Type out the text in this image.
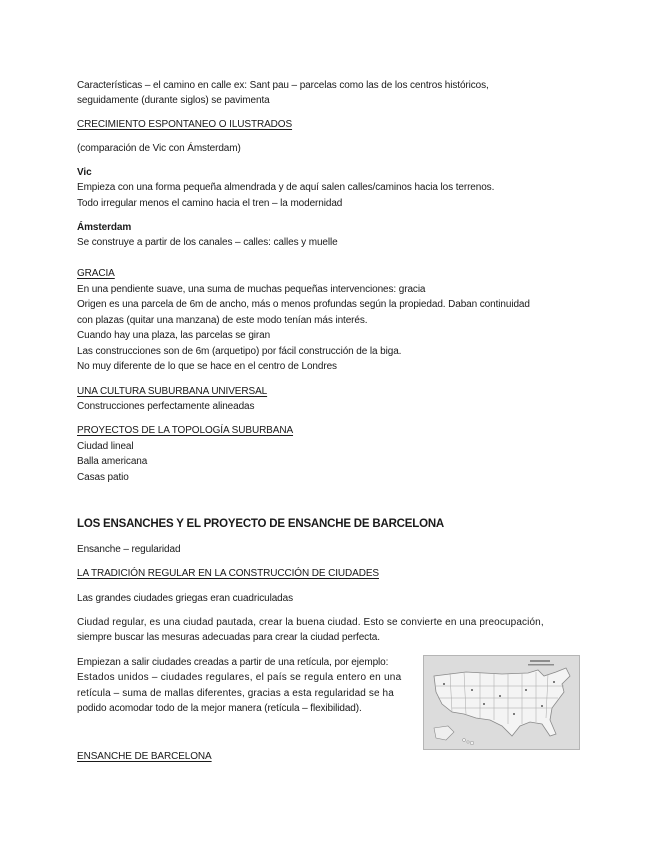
Características – el camino en calle ex: Sant pau – parcelas como las de los centros históricos,
seguidamente (durante siglos) se pavimenta
CRECIMIENTO ESPONTANEO O ILUSTRADOS
(comparación de Vic con Ámsterdam)
Vic
Empieza con una forma pequeña almendrada y de aquí salen calles/caminos hacia los terrenos.
Todo irregular menos el camino hacia el tren – la modernidad
Ámsterdam
Se construye a partir de los canales – calles: calles y muelle
GRACIA
En una pendiente suave, una suma de muchas pequeñas intervenciones: gracia
Origen es una parcela de 6m de ancho, más o menos profundas según la propiedad. Daban continuidad
con plazas (quitar una manzana) de este modo tenían más interés.
Cuando hay una plaza, las parcelas se giran
Las construcciones son de 6m (arquetipo) por fácil construcción de la biga.
No muy diferente de lo que se hace en el centro de Londres
UNA CULTURA SUBURBANA UNIVERSAL
Construcciones perfectamente alineadas
PROYECTOS DE LA TOPOLOGÍA SUBURBANA
Ciudad lineal
Balla americana
Casas patio
LOS ENSANCHES Y EL PROYECTO DE ENSANCHE DE BARCELONA
Ensanche – regularidad
LA TRADICIÓN REGULAR EN LA CONSTRUCCIÓN DE CIUDADES
Las grandes ciudades griegas eran cuadriculadas
Ciudad regular, es una ciudad pautada, crear la buena ciudad. Esto se convierte en una preocupación,
siempre buscar las mesuras adecuadas para crear la ciudad perfecta.
Empiezan a salir ciudades creadas a partir de una retícula, por ejemplo:
Estados unidos – ciudades regulares, el país se regula entero en una
retícula – suma de mallas diferentes, gracias a esta regularidad se ha
podido acomodar todo de la mejor manera (retícula – flexibilidad).
ENSANCHE DE BARCELONA
